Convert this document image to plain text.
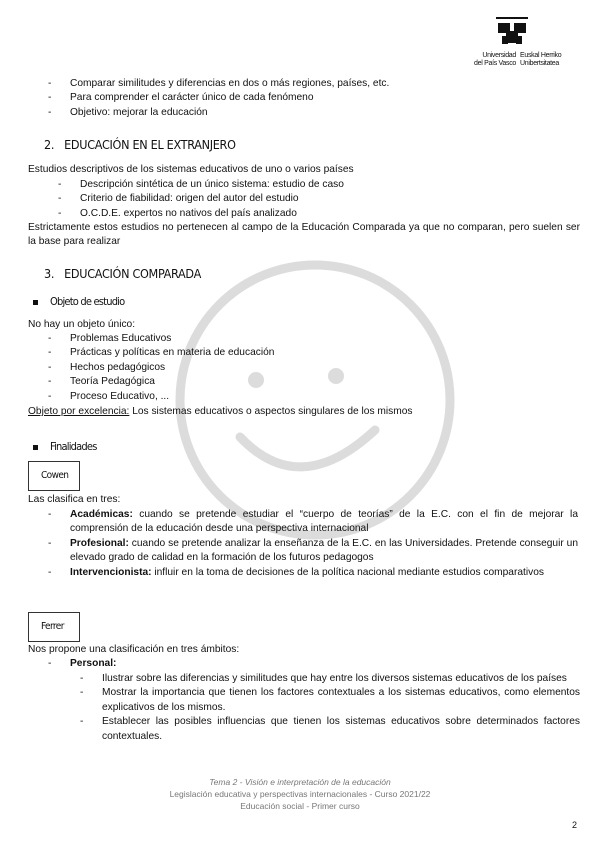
Universidad
del País Vasco
Euskal Herriko
Unibertsitatea
- Comparar similitudes y diferencias en dos o más regiones, países, etc.
- Para comprender el carácter único de cada fenómeno
- Objetivo: mejorar la educación
2. EDUCACIÓN EN EL EXTRANJERO
Estudios descriptivos de los sistemas educativos de uno o varios países
- Descripción sintética de un único sistema: estudio de caso
- Criterio de fiabilidad: origen del autor del estudio
- O.C.D.E. expertos no nativos del país analizado
Estrictamente estos estudios no pertenecen al campo de la Educación Comparada ya que no comparan, pero suelen ser la base para realizar
3. EDUCACIÓN COMPARADA
Objeto de estudio
No hay un objeto único:
- Problemas Educativos
- Prácticas y políticas en materia de educación
- Hechos pedagógicos
- Teoría Pedagógica
- Proceso Educativo, ...
Objeto por excelencia: Los sistemas educativos o aspectos singulares de los mismos
Finalidades
Cowen
Las clasifica en tres:
- Académicas: cuando se pretende estudiar el “cuerpo de teorías” de la E.C. con el fin de mejorar la comprensión de la educación desde una perspectiva internacional
- Profesional: cuando se pretende analizar la enseñanza de la E.C. en las Universidades. Pretende conseguir un elevado grado de calidad en la formación de los futuros pedagogos
- Intervencionista: influir en la toma de decisiones de la política nacional mediante estudios comparativos
Ferrer
Nos propone una clasificación en tres ámbitos:
- Personal:
- Ilustrar sobre las diferencias y similitudes que hay entre los diversos sistemas educativos de los países
- Mostrar la importancia que tienen los factores contextuales a los sistemas educativos, como elementos explicativos de los mismos.
- Establecer las posibles influencias que tienen los sistemas educativos sobre determinados factores contextuales.
Tema 2 - Visión e interpretación de la educación
Legislación educativa y perspectivas internacionales - Curso 2021/22
Educación social - Primer curso
2
